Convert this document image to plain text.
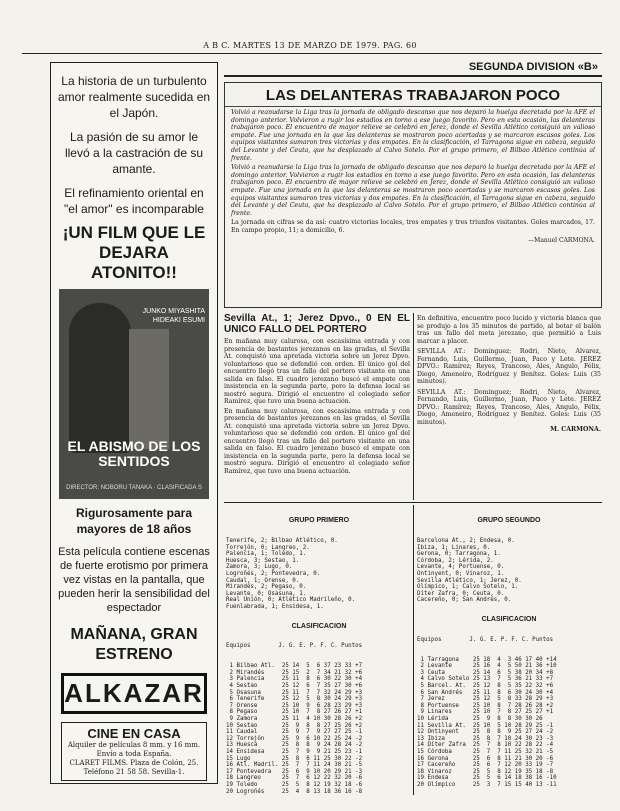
A B C. MARTES 13 DE MARZO DE 1979. PAG. 60
SEGUNDA DIVISION «B»
La historia de un turbulento amor realmente sucedida en el Japón.
La pasión de su amor le llevó a la castración de su amante.
El refinamiento oriental en "el amor" es incomparable
¡UN FILM QUE LE DEJARA ATONITO!!
JUNKO MIYASHITA
HIDEAKI ESUMI
EL ABISMO DE LOS SENTIDOS
DIRECTOR: NOBORU TANAKA · CLASIFICADA S
Rigurosamente para mayores de 18 años
Esta película contiene escenas de fuerte erotismo por primera vez vistas en la pantalla, que pueden herir la sensibilidad del espectador
MAÑANA, GRAN ESTRENO
ALKAZAR
CINE EN CASA
Alquiler de películas 8 mm. y 16 mm. Envío a toda España.
CLARET FILMS. Plaza de Colón, 25. Teléfono 21 58 58. Sevilla-1.
LAS DELANTERAS TRABAJARON POCO
Volvió a reanudarse la Liga tras la jornada de obligado descanso que nos deparó la huelga decretada por la AFE el domingo anterior. Volvieron a rugir los estadios en torno a ese juego favorito. Pero en esta ocasión, las delanteras trabajaron poco. El encuentro de mayor relieve se celebró en Jerez, donde el Sevilla Atlético consiguió un valioso empate. Fue una jornada en la que las delanteras se mostraron poco acertadas y se marcaron escasos goles. Los equipos visitantes sumaron tres victorias y dos empates. En la clasificación, el Tarragona sigue en cabeza, seguido del Levante y del Ceuta, que ha desplazado al Calvo Sotelo. Por el grupo primero, el Bilbao Atlético continúa al frente.
Volvió a reanudarse la Liga tras la jornada de obligado descanso que nos deparó la huelga decretada por la AFE el domingo anterior. Volvieron a rugir los estadios en torno a ese juego favorito. Pero en esta ocasión, las delanteras trabajaron poco. El encuentro de mayor relieve se celebró en Jerez, donde el Sevilla Atlético consiguió un valioso empate. Fue una jornada en la que las delanteras se mostraron poco acertadas y se marcaron escasos goles. Los equipos visitantes sumaron tres victorias y dos empates. En la clasificación, el Tarragona sigue en cabeza, seguido del Levante y del Ceuta, que ha desplazado al Calvo Sotelo. Por el grupo primero, el Bilbao Atlético continúa al frente.
La jornada en cifras se da así: cuatro victorias locales, tres empates y tres triunfos visitantes. Goles marcados, 17. En campo propio, 11; a domicilio, 6.
—Manuel CARMONA.
Sevilla At., 1; Jerez Dpvo., 0 EN EL UNICO FALLO DEL PORTERO
En mañana muy calurosa, con escasísima entrada y con presencia de bastantes jerezanos en las gradas, el Sevilla At. conquistó una apretada victoria sobre un Jerez Dpvo. voluntarioso que se defendió con orden. El único gol del encuentro llegó tras un fallo del portero visitante en una salida en falso. El cuadro jerezano buscó el empate con insistencia en la segunda parte, pero la defensa local se mostró segura. Dirigió el encuentro el colegiado señor Ramírez, que tuvo una buena actuación.
En mañana muy calurosa, con escasísima entrada y con presencia de bastantes jerezanos en las gradas, el Sevilla At. conquistó una apretada victoria sobre un Jerez Dpvo. voluntarioso que se defendió con orden. El único gol del encuentro llegó tras un fallo del portero visitante en una salida en falso. El cuadro jerezano buscó el empate con insistencia en la segunda parte, pero la defensa local se mostró segura. Dirigió el encuentro el colegiado señor Ramírez, que tuvo una buena actuación.
En definitiva, encuentro poco lucido y victoria blanca que se produjo a los 35 minutos de partido, al botar el balón tras un fallo del meta jerezano, que permitió a Luis marcar a placer.
SEVILLA AT.: Dominguez; Rodri, Nieto, Alvarez, Fernando, Luis, Guillermo, Juan, Paco y Lete. JEREZ DPVO.: Ramírez; Reyes, Trancoso, Ales, Angulo, Félix, Diego, Ameneiro, Rodríguez y Benítez. Goles: Luis (35 minutos).
SEVILLA AT.: Dominguez; Rodri, Nieto, Alvarez, Fernando, Luis, Guillermo, Juan, Paco y Lete. JEREZ DPVO.: Ramírez; Reyes, Trancoso, Ales, Angulo, Félix, Diego, Ameneiro, Rodríguez y Benítez. Goles: Luis (35 minutos).
M. CARMONA.

GRUPO PRIMERO

Tenerife, 2; Bilbao Atlético, 0.
Torrejón, 0; Langreo, 2.
Palencia, 1; Toledo, 1.
Huesca, 3; Sestao, 1.
Zamora, 3; Lugo, 0.
Logroñés, 2; Pontevedra, 0.
Caudal, 1; Orense, 0.
Mirandés, 2; Pegaso, 0.
Levante, 0; Osasuna, 1.
Real Unión, 0; Atlético Madrileño, 0.
Fuenlabrada, 1; Ensidesa, 1.

CLASIFICACION

Equipos        J. G. E. P. F. C. Puntos

1 Bilbao Atl.  25 14  5  6 37 23 33 +7
2 Mirandés     25 15  2  7 34 21 32 +6
3 Palencia     25 11  8  6 30 22 30 +4
4 Sestao       25 12  6  7 35 27 30 +6
5 Osasuna      25 11  7  7 32 24 29 +3
6 Tenerife     25 12  5  8 30 24 29 +3
7 Orense       25 10  9  6 28 23 29 +3
8 Pegaso       25 10  7  8 27 26 27 +1
9 Zamora       25 11  4 10 30 28 26 +2
10 Sestao       25  9  8  8 27 25 26 +2
11 Caudal       25  9  7  9 27 27 25 -1
12 Torrejón     25  9  6 10 22 25 24 -2
13 Huesca       25  8  8  9 24 28 24 -2
14 Ensidesa     25  7  9  9 21 25 23 -1
15 Lugo         25  8  6 11 25 30 22 -2
16 Atl. Madril. 25  7  7 11 24 30 21 -5
17 Pontevedra   25  6  9 10 20 29 21 -3
18 Langreo      25  7  6 12 22 32 20 -6
19 Toledo       25  5  8 12 19 32 18 -6
20 Logroñés     25  4  8 13 18 36 16 -8

GRUPO SEGUNDO

Barcelona At., 2; Endesa, 0.
Ibiza, 1; Linares, 0.
Gerona, 0; Tarragona, 1.
Córdoba, 2; Lérida, 2.
Levante, 4; Portuense, 0.
Ontinyent, 0; Vinaroz, 1.
Sevilla Atlético, 1; Jerez, 0.
Olímpico, 1; Calvo Sotelo, 1.
Díter Zafra, 0; Ceuta, 0.
Cacereño, 0; San Andrés, 0.

CLASIFICACION

Equipos        J. G. E. P. F. C. Puntos

1 Tarragona    25 18  4  3 46 17 40 +14
2 Levante      25 16  4  5 50 21 36 +10
3 Ceuta        25 14  6  5 38 20 34 +8
4 Calvo Sotelo 25 13  7  5 36 21 33 +7
5 Barcel. At.  25 12  8  5 35 22 32 +6
6 San Andrés   25 11  8  6 30 24 30 +4
7 Jerez        25 12  5  8 33 28 29 +3
8 Portuense    25 10  8  7 28 26 28 +2
9 Linares      25 10  7  8 27 25 27 +1
10 Lérida       25  9  8  8 30 30 26
11 Sevilla At.  25 10  5 10 28 29 25 -1
12 Ontinyent    25  8  8  9 25 27 24 -2
13 Ibiza        25  8  7 10 24 30 23 -3
14 Díter Zafra  25  7  8 10 22 28 22 -4
15 Córdoba      25  7  7 11 25 32 21 -5
16 Gerona       25  6  8 11 21 30 20 -6
17 Cacereño     25  6  7 12 20 33 19 -7
18 Vinaroz      25  5  8 12 19 35 18 -8
19 Endesa       25  5  6 14 18 38 16 -10
20 Olímpico     25  3  7 15 15 40 13 -11
